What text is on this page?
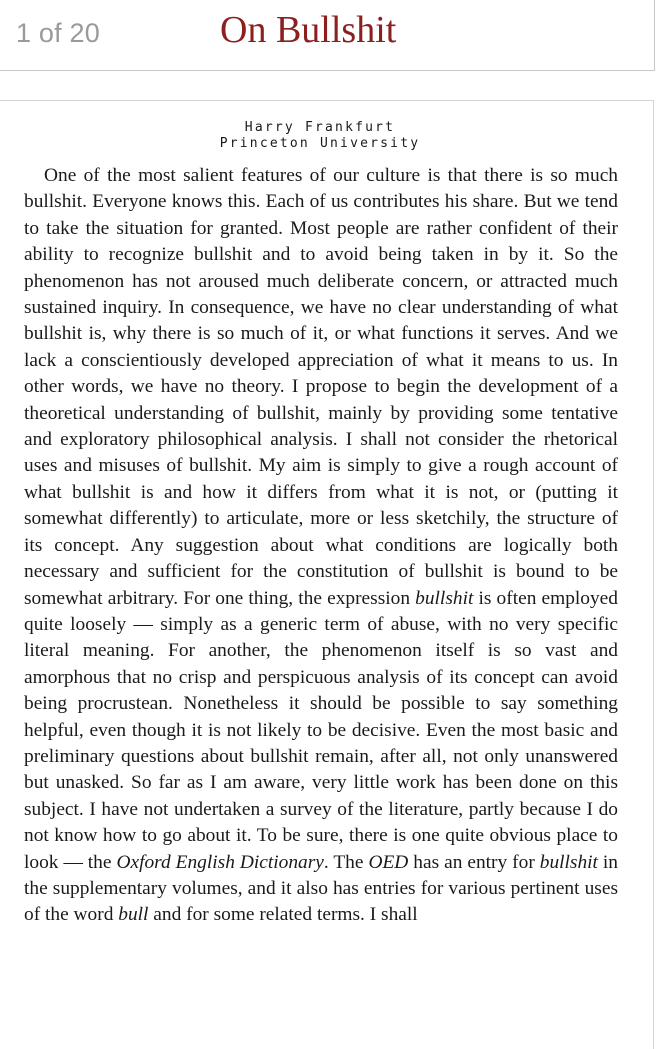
1 of 20	On Bullshit
Harry Frankfurt
Princeton University

One of the most salient features of our culture is that there is so much bullshit. Everyone knows this. Each of us contributes his share. But we tend to take the situation for granted. Most people are rather confident of their ability to recognize bullshit and to avoid being taken in by it. So the phenomenon has not aroused much deliberate concern, or attracted much sustained inquiry. In consequence, we have no clear understanding of what bullshit is, why there is so much of it, or what functions it serves. And we lack a conscientiously developed appreciation of what it means to us. In other words, we have no theory. I propose to begin the development of a theoretical understanding of bullshit, mainly by providing some tentative and exploratory philosophical analysis. I shall not consider the rhetorical uses and misuses of bullshit. My aim is simply to give a rough account of what bullshit is and how it differs from what it is not, or (putting it somewhat differently) to articulate, more or less sketchily, the structure of its concept. Any suggestion about what conditions are logically both necessary and sufficient for the constitution of bullshit is bound to be somewhat arbitrary. For one thing, the expression bullshit is often employed quite loosely — simply as a generic term of abuse, with no very specific literal meaning. For another, the phenomenon itself is so vast and amorphous that no crisp and perspicuous analysis of its concept can avoid being procrustean. Nonetheless it should be possible to say something helpful, even though it is not likely to be decisive. Even the most basic and preliminary questions about bullshit remain, after all, not only unanswered but unasked. So far as I am aware, very little work has been done on this subject. I have not undertaken a survey of the literature, partly because I do not know how to go about it. To be sure, there is one quite obvious place to look — the Oxford English Dictionary. The OED has an entry for bullshit in the supplementary volumes, and it also has entries for various pertinent uses of the word bull and for some related terms. I shall
